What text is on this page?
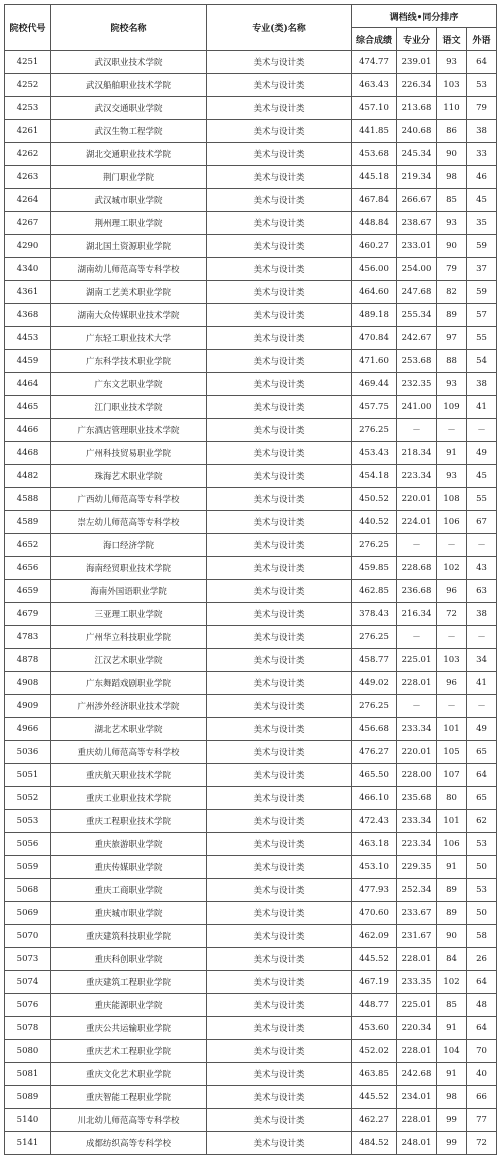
院校代号	院校名称	专业(类)名称	调档线•同分排序			
			综合成绩	专业分	语文	外语
4251	武汉职业技术学院	美术与设计类	474.77	239.01	93	64
4252	武汉船舶职业技术学院	美术与设计类	463.43	226.34	103	53
4253	武汉交通职业学院	美术与设计类	457.10	213.68	110	79
4261	武汉生物工程学院	美术与设计类	441.85	240.68	86	38
4262	湖北交通职业技术学院	美术与设计类	453.68	245.34	90	33
4263	荆门职业学院	美术与设计类	445.18	219.34	98	46
4264	武汉城市职业学院	美术与设计类	467.84	266.67	85	45
4267	荆州理工职业学院	美术与设计类	448.84	238.67	93	35
4290	湖北国土资源职业学院	美术与设计类	460.27	233.01	90	59
4340	湖南幼儿师范高等专科学校	美术与设计类	456.00	254.00	79	37
4361	湖南工艺美术职业学院	美术与设计类	464.60	247.68	82	59
4368	湖南大众传媒职业技术学院	美术与设计类	489.18	255.34	89	57
4453	广东轻工职业技术大学	美术与设计类	470.84	242.67	97	55
4459	广东科学技术职业学院	美术与设计类	471.60	253.68	88	54
4464	广东文艺职业学院	美术与设计类	469.44	232.35	93	38
4465	江门职业技术学院	美术与设计类	457.75	241.00	109	41
4466	广东酒店管理职业技术学院	美术与设计类	276.25	－	－	－
4468	广州科技贸易职业学院	美术与设计类	453.43	218.34	91	49
4482	珠海艺术职业学院	美术与设计类	454.18	223.34	93	45
4588	广西幼儿师范高等专科学校	美术与设计类	450.52	220.01	108	55
4589	崇左幼儿师范高等专科学校	美术与设计类	440.52	224.01	106	67
4652	海口经济学院	美术与设计类	276.25	－	－	－
4656	海南经贸职业技术学院	美术与设计类	459.85	228.68	102	43
4659	海南外国语职业学院	美术与设计类	462.85	236.68	96	63
4679	三亚理工职业学院	美术与设计类	378.43	216.34	72	38
4783	广州华立科技职业学院	美术与设计类	276.25	－	－	－
4878	江汉艺术职业学院	美术与设计类	458.77	225.01	103	34
4908	广东舞蹈戏剧职业学院	美术与设计类	449.02	228.01	96	41
4909	广州涉外经济职业技术学院	美术与设计类	276.25	－	－	－
4966	湖北艺术职业学院	美术与设计类	456.68	233.34	101	49
5036	重庆幼儿师范高等专科学校	美术与设计类	476.27	220.01	105	65
5051	重庆航天职业技术学院	美术与设计类	465.50	228.00	107	64
5052	重庆工业职业技术学院	美术与设计类	466.10	235.68	80	65
5053	重庆工程职业技术学院	美术与设计类	472.43	233.34	101	62
5056	重庆旅游职业学院	美术与设计类	463.18	223.34	106	53
5059	重庆传媒职业学院	美术与设计类	453.10	229.35	91	50
5068	重庆工商职业学院	美术与设计类	477.93	252.34	89	53
5069	重庆城市职业学院	美术与设计类	470.60	233.67	89	50
5070	重庆建筑科技职业学院	美术与设计类	462.09	231.67	90	58
5073	重庆科创职业学院	美术与设计类	445.52	228.01	84	26
5074	重庆建筑工程职业学院	美术与设计类	467.19	233.35	102	64
5076	重庆能源职业学院	美术与设计类	448.77	225.01	85	48
5078	重庆公共运输职业学院	美术与设计类	453.60	220.34	91	64
5080	重庆艺术工程职业学院	美术与设计类	452.02	228.01	104	70
5081	重庆文化艺术职业学院	美术与设计类	463.85	242.68	91	40
5089	重庆智能工程职业学院	美术与设计类	445.52	234.01	98	66
5140	川北幼儿师范高等专科学校	美术与设计类	462.27	228.01	99	77
5141	成都纺织高等专科学校	美术与设计类	484.52	248.01	99	72
